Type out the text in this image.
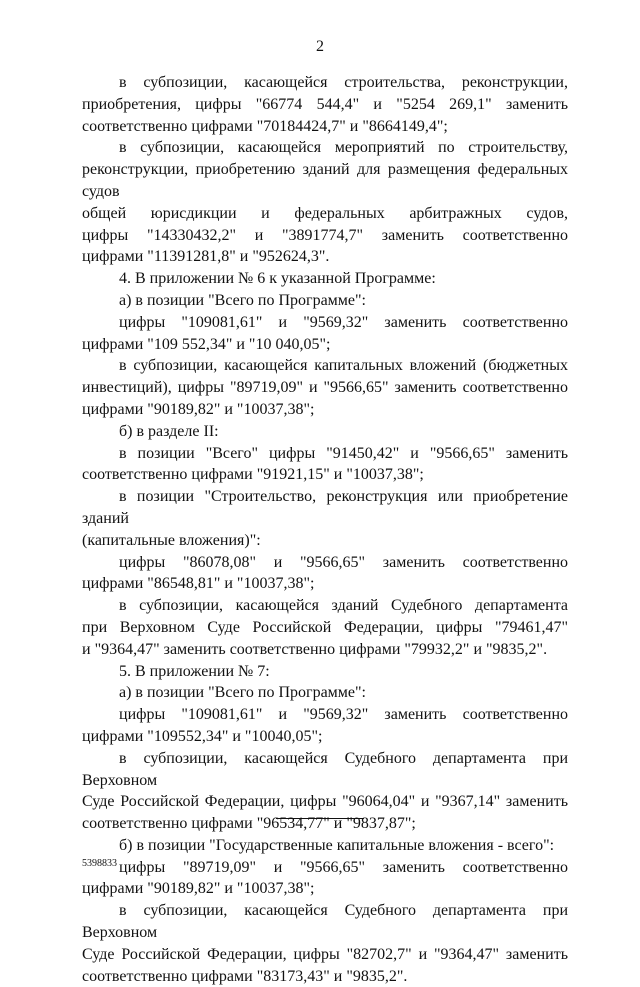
2
в субпозиции, касающейся строительства, реконструкции,
приобретения, цифры "66774 544,4" и "5254 269,1" заменить
соответственно цифрами "70184424,7" и "8664149,4";
в субпозиции, касающейся мероприятий по строительству,
реконструкции, приобретению зданий для размещения федеральных судов
общей юрисдикции и федеральных арбитражных судов,
цифры "14330432,2" и "3891774,7" заменить соответственно
цифрами "11391281,8" и "952624,3".
4. В приложении № 6 к указанной Программе:
а) в позиции "Всего по Программе":
цифры "109081,61" и "9569,32" заменить соответственно
цифрами "109 552,34" и "10 040,05";
в субпозиции, касающейся капитальных вложений (бюджетных
инвестиций), цифры "89719,09" и "9566,65" заменить соответственно
цифрами "90189,82" и "10037,38";
б) в разделе II:
в позиции "Всего" цифры "91450,42" и "9566,65" заменить
соответственно цифрами "91921,15" и "10037,38";
в позиции "Строительство, реконструкция или приобретение зданий
(капитальные вложения)":
цифры "86078,08" и "9566,65" заменить соответственно
цифрами "86548,81" и "10037,38";
в субпозиции, касающейся зданий Судебного департамента
при Верховном Суде Российской Федерации, цифры "79461,47"
и "9364,47" заменить соответственно цифрами "79932,2" и "9835,2".
5. В приложении № 7:
а) в позиции "Всего по Программе":
цифры "109081,61" и "9569,32" заменить соответственно
цифрами "109552,34" и "10040,05";
в субпозиции, касающейся Судебного департамента при Верховном
Суде Российской Федерации, цифры "96064,04" и "9367,14" заменить
соответственно цифрами "96534,77" и "9837,87";
б) в позиции "Государственные капитальные вложения - всего":
цифры "89719,09" и "9566,65" заменить соответственно
цифрами "90189,82" и "10037,38";
в субпозиции, касающейся Судебного департамента при Верховном
Суде Российской Федерации, цифры "82702,7" и "9364,47" заменить
соответственно цифрами "83173,43" и "9835,2".
5398833
